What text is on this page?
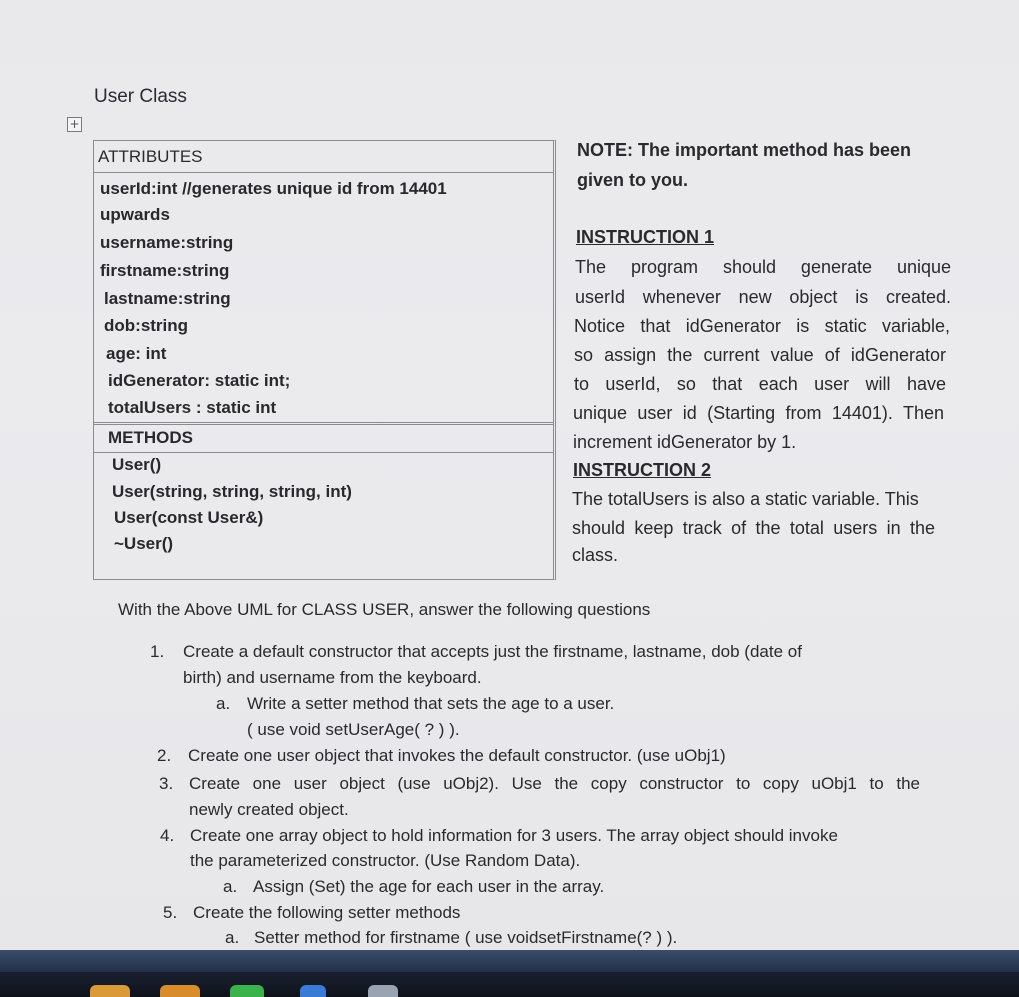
User Class
+
ATTRIBUTES
userId:int //generates unique id from 14401
upwards
username:string
firstname:string
lastname:string
dob:string
age: int
idGenerator: static int;
totalUsers : static int
METHODS
User()
User(string, string, string, int)
User(const User&)
~User()
NOTE: The important method has been given to you.
INSTRUCTION 1
The program should generate unique
userId whenever new object is created.
Notice that idGenerator is static variable,
so assign the current value of idGenerator
to userId, so that each user will have
unique user id (Starting from 14401). Then
increment idGenerator by 1.
INSTRUCTION 2
The totalUsers is also a static variable. This
should keep track of the total users in the
class.
With the Above UML for CLASS USER, answer the following questions
1. Create a default constructor that accepts just the firstname, lastname, dob (date of
birth) and username from the keyboard.
a. Write a setter method that sets the age to a user.
( use void setUserAge( ? ) ).
2. Create one user object that invokes the default constructor. (use uObj1)
3. Create one user object (use uObj2). Use the copy constructor to copy uObj1 to the
newly created object.
4. Create one array object to hold information for 3 users. The array object should invoke
the parameterized constructor. (Use Random Data).
a. Assign (Set) the age for each user in the array.
5. Create the following setter methods
a. Setter method for firstname ( use voidsetFirstname(? ) ).
